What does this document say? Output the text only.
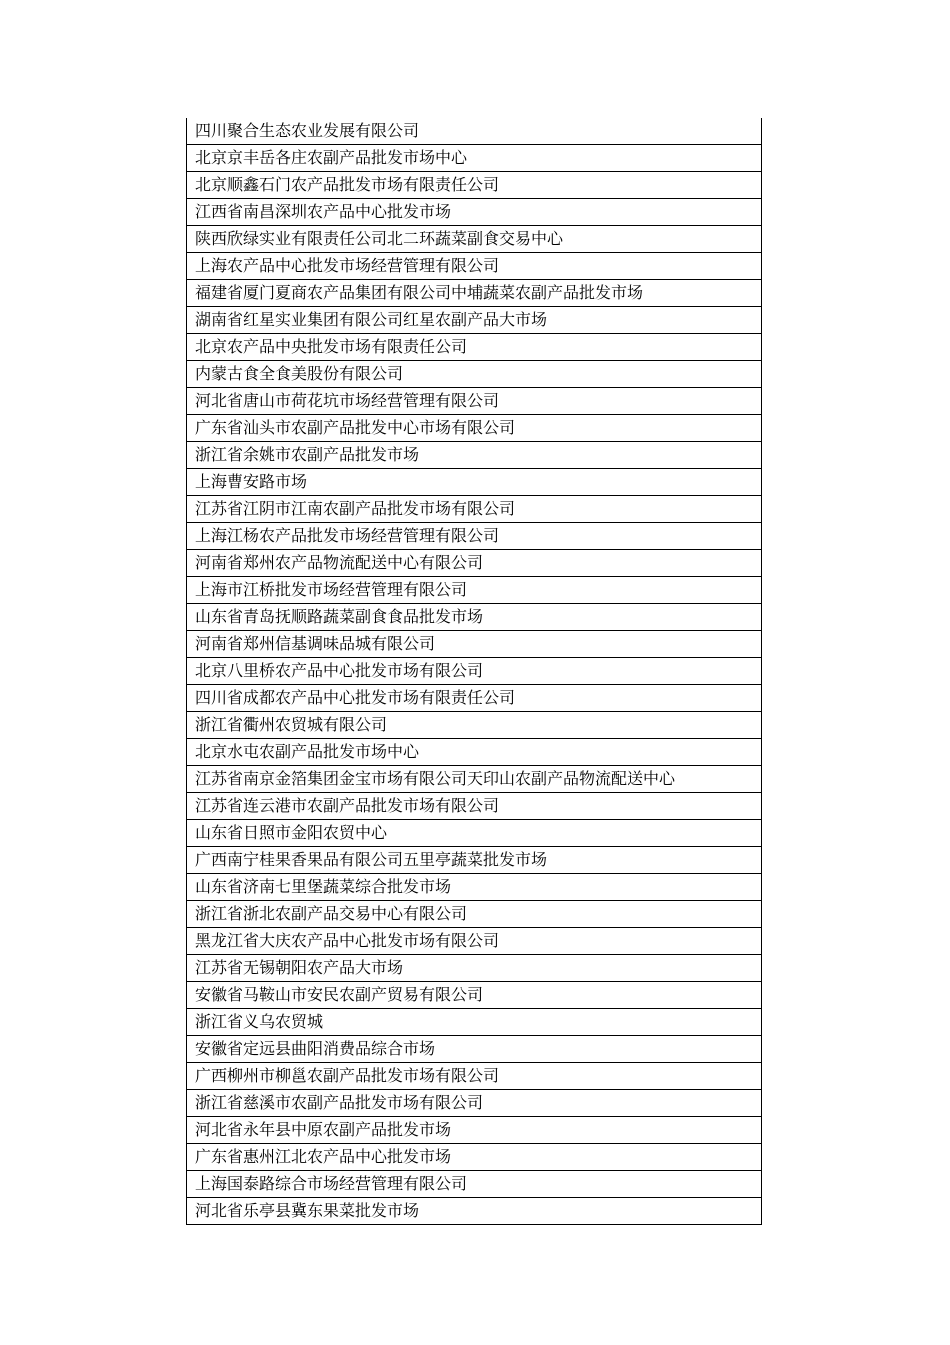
四川聚合生态农业发展有限公司

北京京丰岳各庄农副产品批发市场中心

北京顺鑫石门农产品批发市场有限责任公司

江西省南昌深圳农产品中心批发市场

陕西欣绿实业有限责任公司北二环蔬菜副食交易中心

上海农产品中心批发市场经营管理有限公司

福建省厦门夏商农产品集团有限公司中埔蔬菜农副产品批发市场

湖南省红星实业集团有限公司红星农副产品大市场

北京农产品中央批发市场有限责任公司

内蒙古食全食美股份有限公司

河北省唐山市荷花坑市场经营管理有限公司

广东省汕头市农副产品批发中心市场有限公司

浙江省余姚市农副产品批发市场

上海曹安路市场

江苏省江阴市江南农副产品批发市场有限公司

上海江杨农产品批发市场经营管理有限公司

河南省郑州农产品物流配送中心有限公司

上海市江桥批发市场经营管理有限公司

山东省青岛抚顺路蔬菜副食食品批发市场

河南省郑州信基调味品城有限公司

北京八里桥农产品中心批发市场有限公司

四川省成都农产品中心批发市场有限责任公司

浙江省衢州农贸城有限公司

北京水屯农副产品批发市场中心

江苏省南京金箔集团金宝市场有限公司天印山农副产品物流配送中心

江苏省连云港市农副产品批发市场有限公司

山东省日照市金阳农贸中心

广西南宁桂果香果品有限公司五里亭蔬菜批发市场

山东省济南七里堡蔬菜综合批发市场

浙江省浙北农副产品交易中心有限公司

黑龙江省大庆农产品中心批发市场有限公司

江苏省无锡朝阳农产品大市场

安徽省马鞍山市安民农副产贸易有限公司

浙江省义乌农贸城

安徽省定远县曲阳消费品综合市场

广西柳州市柳邕农副产品批发市场有限公司

浙江省慈溪市农副产品批发市场有限公司

河北省永年县中原农副产品批发市场

广东省惠州江北农产品中心批发市场

上海国泰路综合市场经营管理有限公司

河北省乐亭县冀东果菜批发市场
